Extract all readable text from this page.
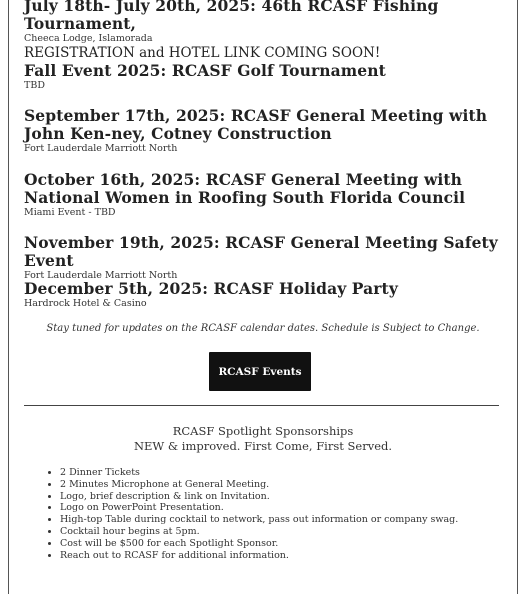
July 18th- July 20th, 2025: 46th RCASF Fishing Tournament,

Cheeca Lodge, Islamorada

REGISTRATION and HOTEL LINK COMING SOON!

Fall Event 2025: RCASF Golf Tournament

TBD

September 17th, 2025: RCASF General Meeting with John Ken-ney, Cotney Construction

Fort Lauderdale Marriott North

October 16th, 2025: RCASF General Meeting with National Women in Roofing South Florida Council

Miami Event - TBD

November 19th, 2025: RCASF General Meeting Safety Event

Fort Lauderdale Marriott North

December 5th, 2025: RCASF Holiday Party

Hardrock Hotel & Casino

Stay tuned for updates on the RCASF calendar dates. Schedule is Subject to Change.
RCASF Events
RCASF Spotlight Sponsorships
NEW & improved. First Come, First Served.
• 2 Dinner Tickets
• 2 Minutes Microphone at General Meeting.
• Logo, brief description & link on Invitation.
• Logo on PowerPoint Presentation.
• High-top Table during cocktail to network, pass out information or company swag.
• Cocktail hour begins at 5pm.
• Cost will be $500 for each Spotlight Sponsor.
• Reach out to RCASF for additional information.
